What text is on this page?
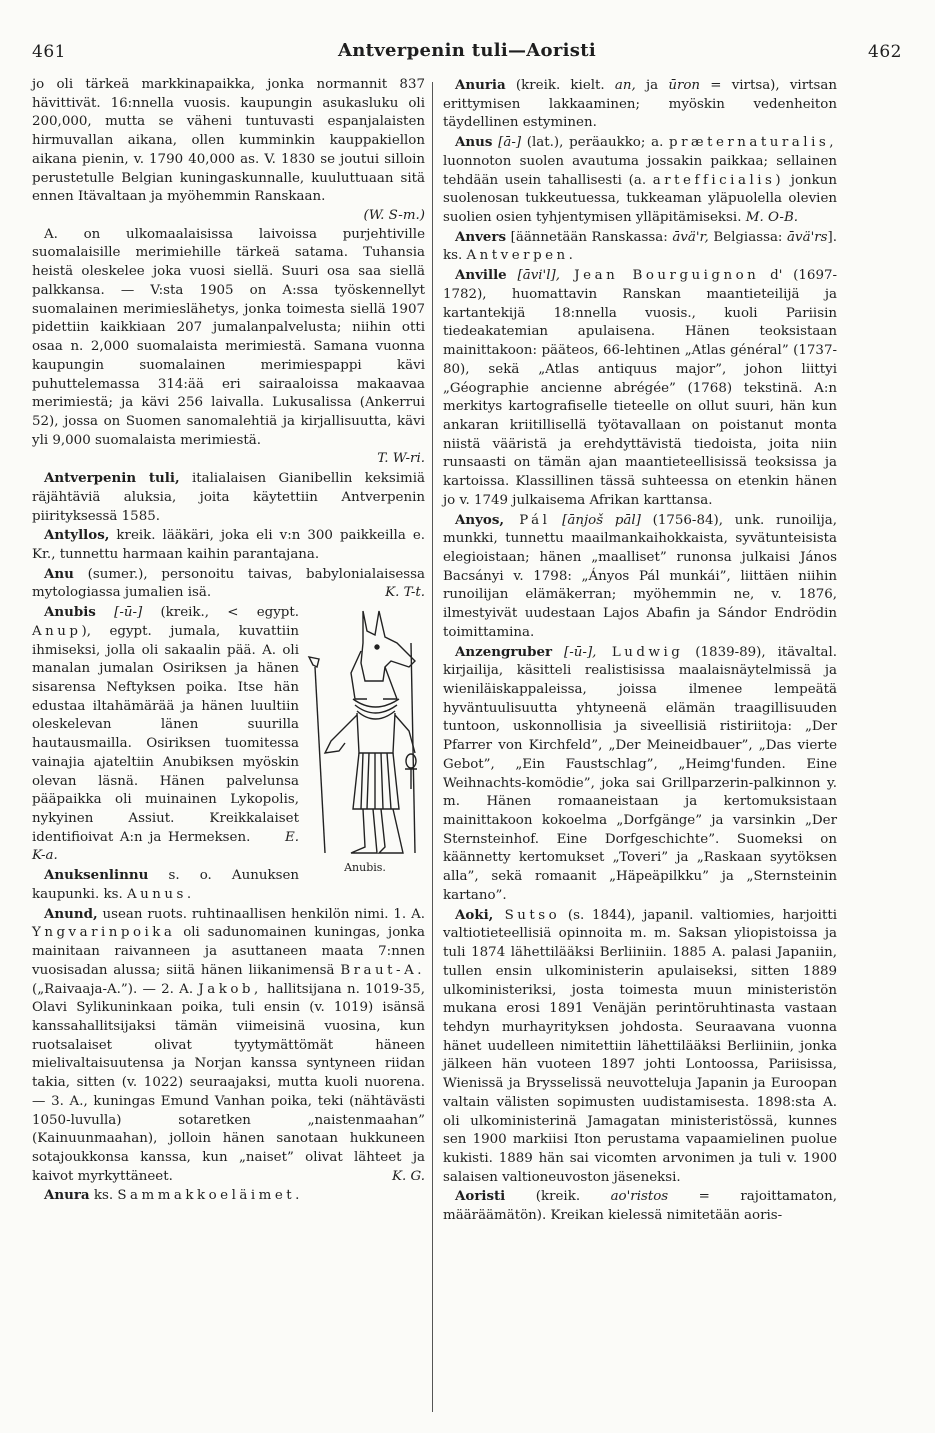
461	Antverpenin tuli—Aoristi	462

jo oli tärkeä markkinapaikka, jonka normannit 837 hävittivät. 16:nnella vuosis. kaupungin asukasluku oli 200,000, mutta se väheni tuntuvasti espanjalaisten hirmuvallan aikana, ollen kumminkin kauppakiellon aikana pienin, v. 1790 40,000 as. V. 1830 se joutui silloin perustetulle Belgian kuningaskunnalle, kuuluttuaan sitä ennen Itävaltaan ja myöhemmin Ranskaan.

(W. S-m.)

A. on ulkomaalaisissa laivoissa purjehtiville suomalaisille merimiehille tärkeä satama. Tuhansia heistä oleskelee joka vuosi siellä. Suuri osa saa siellä palkkansa. — V:sta 1905 on A:ssa työskennellyt suomalainen merimieslähetys, jonka toimesta siellä 1907 pidettiin kaikkiaan 207 jumalanpalvelusta; niihin otti osaa n. 2,000 suomalaista merimiestä. Samana vuonna kaupungin suomalainen merimiespappi kävi puhuttelemassa 314:ää eri sairaaloissa makaavaa merimiestä; ja kävi 256 laivalla. Lukusalissa (Ankerrui 52), jossa on Suomen sanomalehtiä ja kirjallisuutta, kävi yli 9,000 suomalaista merimiestä.

T. W-ri.

Antverpenin tuli, italialaisen Gianibellin keksimiä räjähtäviä aluksia, joita käytettiin Antverpenin piirityksessä 1585.

Antyllos, kreik. lääkäri, joka eli v:n 300 paikkeilla e. Kr., tunnettu harmaan kaihin parantajana.

Anu (sumer.), personoitu taivas, babylonialaisessa mytologiassa jumalien isä.	K. T-t.

Anubis.

Anubis [-ū-] (kreik., < egypt. Anup), egypt. jumala, kuvattiin ihmiseksi, jolla oli sakaalin pää. A. oli manalan jumalan Osiriksen ja hänen sisarensa Neftyksen poika. Itse hän edustaa iltahämärää ja hänen luultiin oleskelevan länen suurilla hautausmailla. Osiriksen tuomitessa vainajia ajateltiin Anubiksen myöskin olevan läsnä. Hänen palvelunsa pääpaikka oli muinainen Lykopolis, nykyinen Assiut. Kreikkalaiset identifioivat A:n ja Hermeksen.	E. K-a.

Anuksenlinnu s. o. Aunuksen kaupunki. ks. Aunus.

Anund, usean ruots. ruhtinaallisen henkilön nimi. 1. A. Yngvarinpoika oli sadunomainen kuningas, jonka mainitaan raivanneen ja asuttaneen maata 7:nnen vuosisadan alussa; siitä hänen liikanimensä Braut-A. („Raivaaja-A.”). — 2. A. Jakob, hallitsijana n. 1019-35, Olavi Sylikuninkaan poika, tuli ensin (v. 1019) isänsä kanssahallitsijaksi tämän viimeisinä vuosina, kun ruotsalaiset olivat tyytymättömät häneen mielivaltaisuutensa ja Norjan kanssa syntyneen riidan takia, sitten (v. 1022) seuraajaksi, mutta kuoli nuorena. — 3. A., kuningas Emund Vanhan poika, teki (nähtävästi 1050-luvulla) sotaretken „naistenmaahan” (Kainuunmaahan), jolloin hänen sanotaan hukkuneen sotajoukkonsa kanssa, kun „naiset” olivat lähteet ja kaivot myrkyttäneet.	K. G.

Anura ks. Sammakkoeläimet.

Anuria (kreik. kielt. an, ja ūron = virtsa), virtsan erittymisen lakkaaminen; myöskin vedenheiton täydellinen estyminen.

Anus [ā-] (lat.), peräaukko; a. præternaturalis, luonnoton suolen avautuma jossakin paikkaa; sellainen tehdään usein tahallisesti (a. artefficialis) jonkun suolenosan tukkeutuessa, tukkeaman yläpuolella olevien suolien osien tyhjentymisen ylläpitämiseksi. M. O-B.

Anvers [äännetään Ranskassa: āvä'r, Belgiassa: āvä'rs]. ks. Antverpen.

Anville [āvi'l], Jean Bourguignon d' (1697-1782), huomattavin Ranskan maantieteilijä ja kartantekijä 18:nnella vuosis., kuoli Pariisin tiedeakatemian apulaisena. Hänen teoksistaan mainittakoon: pääteos, 66-lehtinen „Atlas général” (1737-80), sekä „Atlas antiquus major”, johon liittyi „Géographie ancienne abrégée” (1768) tekstinä. A:n merkitys kartografiselle tieteelle on ollut suuri, hän kun ankaran kriitillisellä työtavallaan on poistanut monta niistä vääristä ja erehdyttävistä tiedoista, joita niin runsaasti on tämän ajan maantieteellisissä teoksissa ja kartoissa. Klassillinen tässä suhteessa on etenkin hänen jo v. 1749 julkaisema Afrikan karttansa.

Anyos, Pál [ānjoš pāl] (1756-84), unk. runoilija, munkki, tunnettu maailmankaihokkaista, syvätunteisista elegioistaan; hänen „maalliset” runonsa julkaisi János Bacsányi v. 1798: „Ányos Pál munkái”, liittäen niihin runoilijan elämäkerran; myöhemmin ne, v. 1876, ilmestyivät uudestaan Lajos Abafin ja Sándor Endrödin toimittamina.

Anzengruber [-ū-], Ludwig (1839-89), itävaltal. kirjailija, käsitteli realistisissa maalaisnäytelmissä ja wieniläiskappaleissa, joissa ilmenee lempeätä hyväntuulisuutta yhtyneenä elämän traagillisuuden tuntoon, uskonnollisia ja siveellisiä ristiriitoja: „Der Pfarrer von Kirchfeld”, „Der Meineidbauer”, „Das vierte Gebot”, „Ein Faustschlag”, „Heimg'funden. Eine Weihnachts-komödie”, joka sai Grillparzerin-palkinnon y. m. Hänen romaaneistaan ja kertomuksistaan mainittakoon kokoelma „Dorfgänge” ja varsinkin „Der Sternsteinhof. Eine Dorfgeschichte”. Suomeksi on käännetty kertomukset „Toveri” ja „Raskaan syytöksen alla”, sekä romaanit „Häpeäpilkku” ja „Sternsteinin kartano”.

Aoki, Sutso (s. 1844), japanil. valtiomies, harjoitti valtiotieteellisiä opinnoita m. m. Saksan yliopistoissa ja tuli 1874 lähettilääksi Berliiniin. 1885 A. palasi Japaniin, tullen ensin ulkoministerin apulaiseksi, sitten 1889 ulkoministeriksi, josta toimesta muun ministeristön mukana erosi 1891 Venäjän perintöruhtinasta vastaan tehdyn murhayrityksen johdosta. Seuraavana vuonna hänet uudelleen nimitettiin lähettilääksi Berliiniin, jonka jälkeen hän vuoteen 1897 johti Lontoossa, Pariisissa, Wienissä ja Brysselissä neuvotteluja Japanin ja Euroopan valtain välisten sopimusten uudistamisesta. 1898:sta A. oli ulkoministerinä Jamagatan ministeristössä, kunnes sen 1900 markiisi Iton perustama vapaamielinen puolue kukisti. 1889 hän sai vicomten arvonimen ja tuli v. 1900 salaisen valtioneuvoston jäseneksi.

Aoristi (kreik. ao'ristos = rajoittamaton, määräämätön). Kreikan kielessä nimitetään aoris-
